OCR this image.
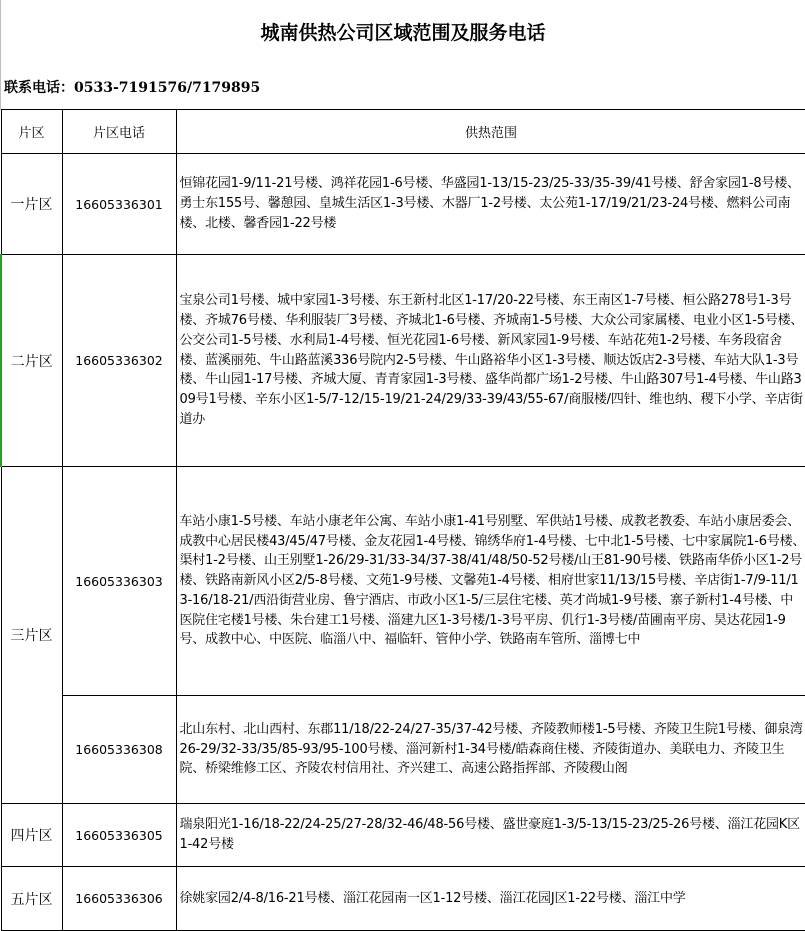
城南供热公司区域范围及服务电话
联系电话：0533-7191576/7179895
片区	片区电话	供热范围
一片区	16605336301	恒锦花园1-9/11-21号楼、鸿祥花园1-6号楼、华盛园1-13/15-23/25-33/35-39/41号楼、舒舍家园1-8号楼、勇士东155号、馨憩园、皇城生活区1-3号楼、木器厂1-2号楼、太公苑1-17/19/21/23-24号楼、燃料公司南楼、北楼、馨香园1-22号楼
二片区	16605336302	宝泉公司1号楼、城中家园1-3号楼、东王新村北区1-17/20-22号楼、东王南区1-7号楼、桓公路278号1-3号楼、齐城76号楼、华利服装厂3号楼、齐城北1-6号楼、齐城南1-5号楼、大众公司家属楼、电业小区1-5号楼、公交公司1-5号楼、水利局1-4号楼、恒光花园1-6号楼、新风家园1-9号楼、车站花苑1-2号楼、车务段宿舍楼、蓝溪丽苑、牛山路蓝溪336号院内2-5号楼、牛山路裕华小区1-3号楼、顺达饭店2-3号楼、车站大队1-3号楼、牛山园1-17号楼、齐城大厦、青青家园1-3号楼、盛华尚都广场1-2号楼、牛山路307号1-4号楼、牛山路309号1号楼、辛东小区1-5/7-12/15-19/21-24/29/33-39/43/55-67/商服楼/四针、维也纳、稷下小学、辛店街道办
三片区	16605336303	车站小康1-5号楼、车站小康老年公寓、车站小康1-41号别墅、军供站1号楼、成教老教委、车站小康居委会、成教中心居民楼43/45/47号楼、金友花园1-4号楼、锦绣华府1-4号楼、七中北1-5号楼、七中家属院1-6号楼、渠村1-2号楼、山王别墅1-26/29-31/33-34/37-38/41/48/50-52号楼/山王81-90号楼、铁路南华侨小区1-2号楼、铁路南新风小区2/5-8号楼、文苑1-9号楼、文馨苑1-4号楼、相府世家11/13/15号楼、辛店街1-7/9-11/13-16/18-21/西沿街营业房、鲁宁酒店、市政小区1-5/三层住宅楼、英才尚城1-9号楼、寨子新村1-4号楼、中医院住宅楼1号楼、朱台建工1号楼、淄建九区1-3号楼/1-3号平房、仉行1-3号楼/苗圃南平房、昊达花园1-9号、成教中心、中医院、临淄八中、福临轩、管仲小学、铁路南车管所、淄博七中
	16605336308	北山东村、北山西村、东郡11/18/22-24/27-35/37-42号楼、齐陵教师楼1-5号楼、齐陵卫生院1号楼、御泉湾26-29/32-33/35/85-93/95-100号楼、淄河新村1-34号楼/皓森商住楼、齐陵街道办、美联电力、齐陵卫生院、桥梁维修工区、齐陵农村信用社、齐兴建工、高速公路指挥部、齐陵稷山阁
四片区	16605336305	瑞泉阳光1-16/18-22/24-25/27-28/32-46/48-56号楼、盛世豪庭1-3/5-13/15-23/25-26号楼、淄江花园K区1-42号楼
五片区	16605336306	徐姚家园2/4-8/16-21号楼、淄江花园南一区1-12号楼、淄江花园J区1-22号楼、淄江中学
